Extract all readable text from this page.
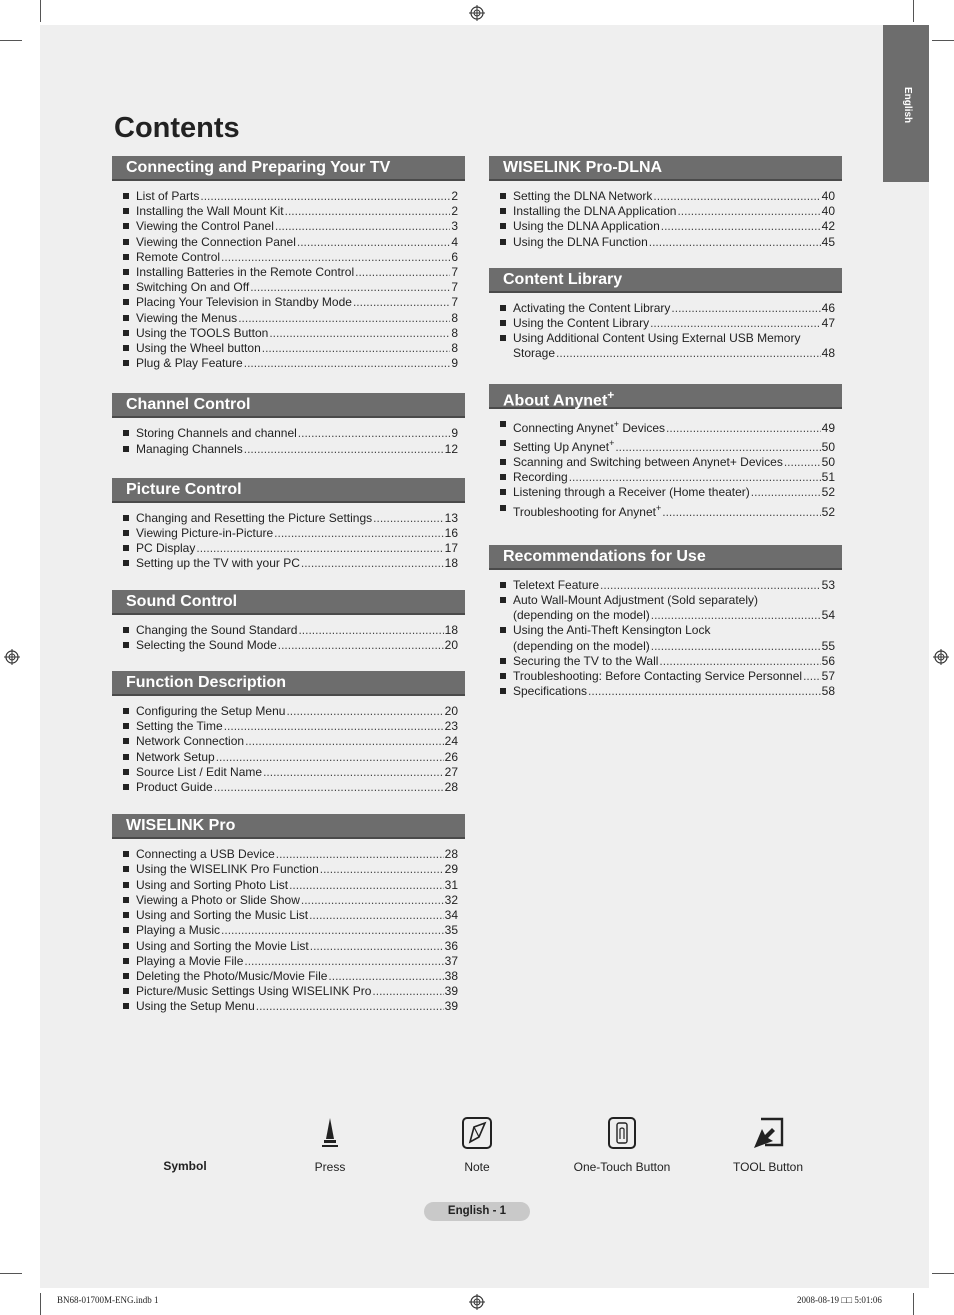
English
Contents
Connecting and Preparing Your TV
List of Parts .....	2
Installing the Wall Mount Kit .....	2
Viewing the Control Panel .....	3
Viewing the Connection Panel .....	4
Remote Control .....	6
Installing Batteries in the Remote Control .....	7
Switching On and Off .....	7
Placing Your Television in Standby Mode .....	7
Viewing the Menus .....	8
Using the TOOLS Button .....	8
Using the Wheel button .....	8
Plug & Play Feature .....	9
Channel Control
Storing Channels and channel .....	9
Managing Channels .....	12
Picture Control
Changing and Resetting the Picture Settings .....	13
Viewing Picture-in-Picture .....	16
PC Display .....	17
Setting up the TV with your PC .....	18
Sound Control
Changing the Sound Standard .....	18
Selecting the Sound Mode .....	20
Function Description
Configuring the Setup Menu .....	20
Setting the Time .....	23
Network Connection .....	24
Network Setup .....	26
Source List / Edit Name .....	27
Product Guide .....	28
WISELINK Pro
Connecting a USB Device .....	28
Using the WISELINK Pro Function .....	29
Using and Sorting Photo List .....	31
Viewing a Photo or Slide Show .....	32
Using and Sorting the Music List .....	34
Playing a Music .....	35
Using and Sorting the Movie List .....	36
Playing a Movie File .....	37
Deleting the Photo/Music/Movie File .....	38
Picture/Music Settings Using WISELINK Pro .....	39
Using the Setup Menu .....	39
WISELINK Pro-DLNA
Setting the DLNA Network .....	40
Installing the DLNA Application .....	40
Using the DLNA Application .....	42
Using the DLNA Function .....	45
Content Library
Activating the Content Library .....	46
Using the Content Library .....	47
Using Additional Content Using External USB Memory
Storage .....	48
About Anynet+
Connecting Anynet+ Devices .....	49
Setting Up Anynet+ .....	50
Scanning and Switching between Anynet+ Devices .....	50
Recording .....	51
Listening through a Receiver (Home theater) .....	52
Troubleshooting for Anynet+ .....	52
Recommendations for Use
Teletext Feature .....	53
Auto Wall-Mount Adjustment (Sold separately)
(depending on the model) .....	54
Using the Anti-Theft Kensington Lock
(depending on the model) .....	55
Securing the TV to the Wall .....	56
Troubleshooting: Before Contacting Service Personnel ..... 57
Specifications .....	58
Symbol	Press	Note	One-Touch Button	TOOL Button
English - 1
BN68-01700M-ENG.indb 1	2008-08-19 □□ 5:01:06
